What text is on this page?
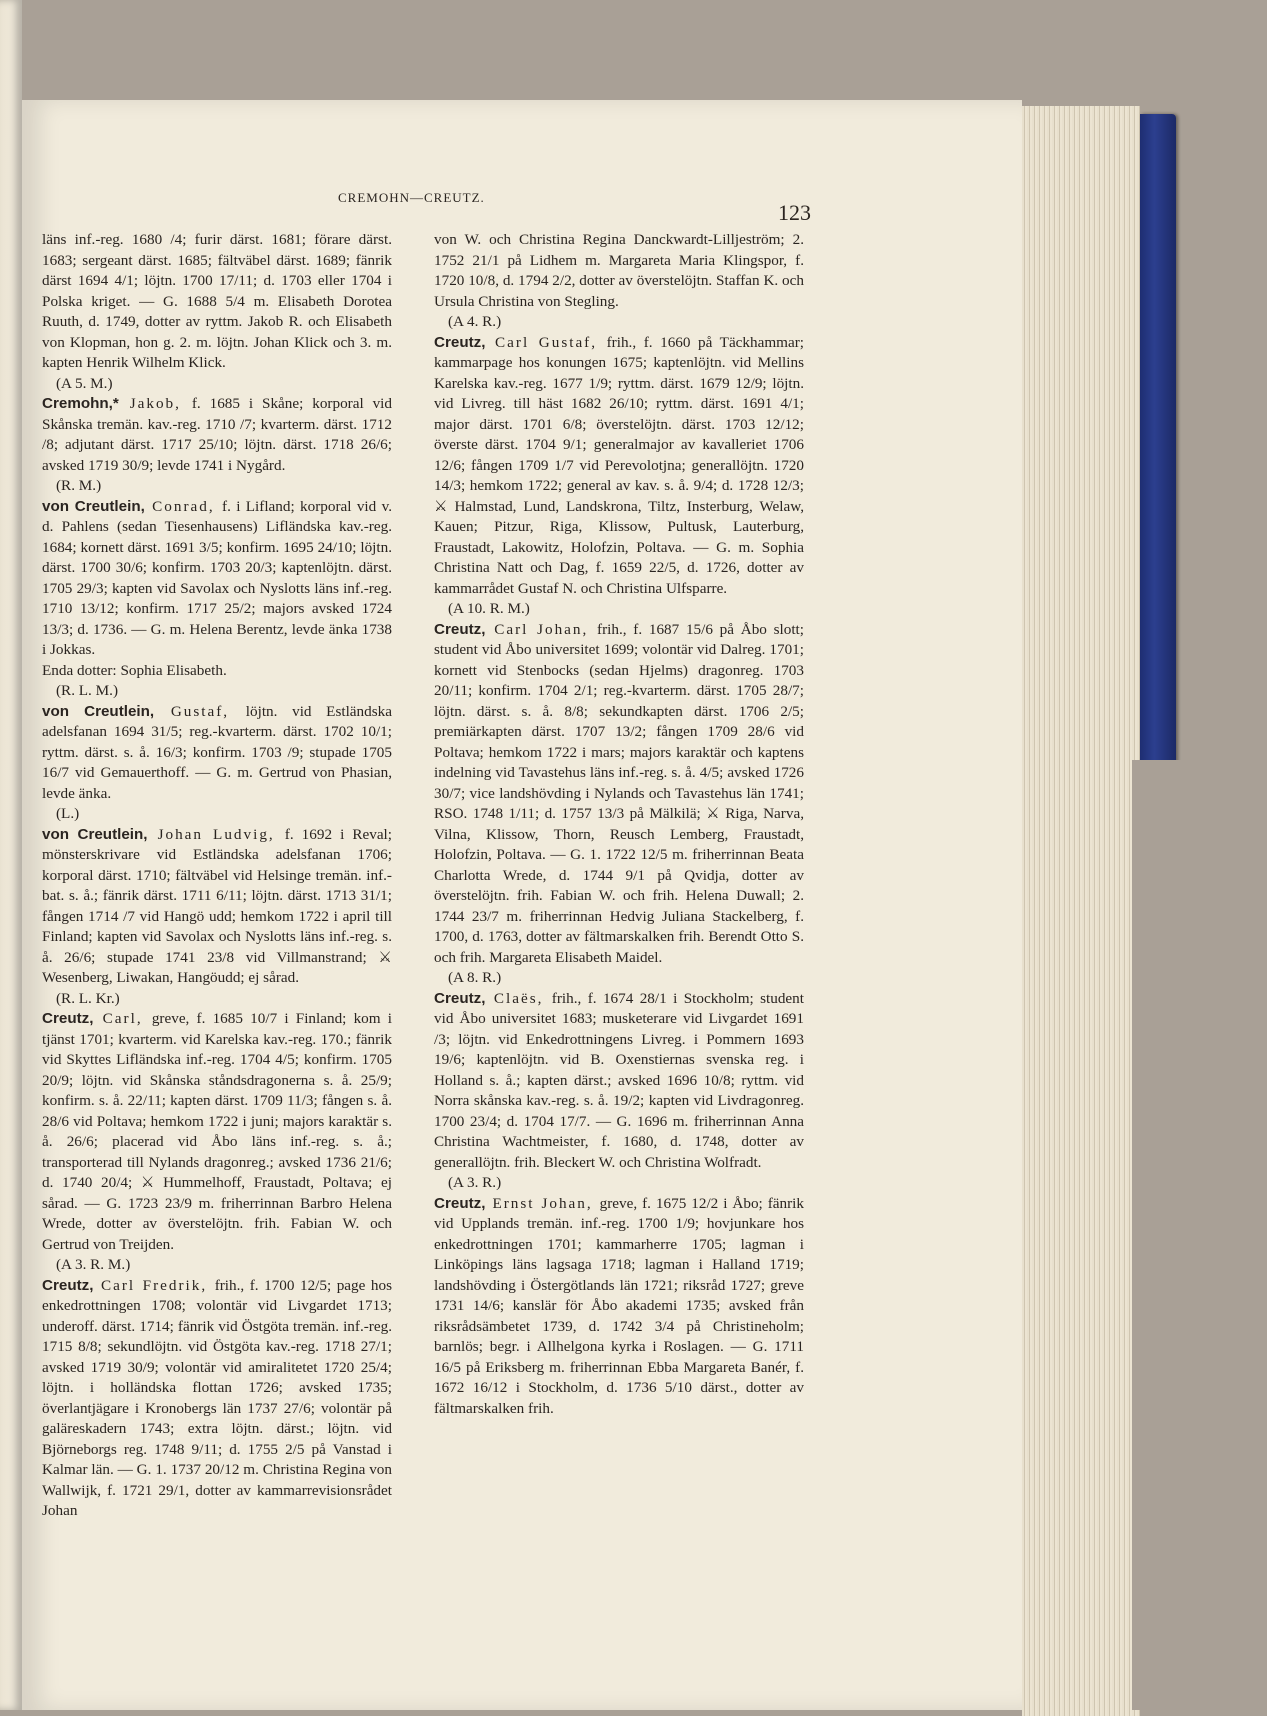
CREMOHN—CREUTZ.
123

läns inf.-reg. 1680 /4; furir därst. 1681; förare därst. 1683; sergeant därst. 1685; fältväbel därst. 1689; fänrik därst 1694 4/1; löjtn. 1700 17/11; d. 1703 eller 1704 i Polska kriget. — G. 1688 5/4 m. Elisabeth Dorotea Ruuth, d. 1749, dotter av ryttm. Jakob R. och Elisabeth von Klopman, hon g. 2. m. löjtn. Johan Klick och 3. m. kapten Henrik Wilhelm Klick.

(A 5. M.)

Cremohn,* Jakob, f. 1685 i Skåne; korporal vid Skånska tremän. kav.-reg. 1710 /7; kvarterm. därst. 1712 /8; adjutant därst. 1717 25/10; löjtn. därst. 1718 26/6; avsked 1719 30/9; levde 1741 i Nygård.

(R. M.)

von Creutlein, Conrad, f. i Lifland; korporal vid v. d. Pahlens (sedan Tiesenhausens) Lifländska kav.-reg. 1684; kornett därst. 1691 3/5; konfirm. 1695 24/10; löjtn. därst. 1700 30/6; konfirm. 1703 20/3; kaptenlöjtn. därst. 1705 29/3; kapten vid Savolax och Nyslotts läns inf.-reg. 1710 13/12; konfirm. 1717 25/2; majors avsked 1724 13/3; d. 1736. — G. m. Helena Berentz, levde änka 1738 i Jokkas.

Enda dotter: Sophia Elisabeth.

(R. L. M.)

von Creutlein, Gustaf, löjtn. vid Estländska adelsfanan 1694 31/5; reg.-kvarterm. därst. 1702 10/1; ryttm. därst. s. å. 16/3; konfirm. 1703 /9; stupade 1705 16/7 vid Gemauerthoff. — G. m. Gertrud von Phasian, levde änka.

(L.)

von Creutlein, Johan Ludvig, f. 1692 i Reval; mönsterskrivare vid Estländska adelsfanan 1706; korporal därst. 1710; fältväbel vid Helsinge tremän. inf.-bat. s. å.; fänrik därst. 1711 6/11; löjtn. därst. 1713 31/1; fången 1714 /7 vid Hangö udd; hemkom 1722 i april till Finland; kapten vid Savolax och Nyslotts läns inf.-reg. s. å. 26/6; stupade 1741 23/8 vid Villmanstrand; ⚔ Wesenberg, Liwakan, Hangöudd; ej sårad.

(R. L. Kr.)

Creutz, Carl, greve, f. 1685 10/7 i Finland; kom i tjänst 1701; kvarterm. vid Karelska kav.-reg. 170.; fänrik vid Skyttes Lifländska inf.-reg. 1704 4/5; konfirm. 1705 20/9; löjtn. vid Skånska ståndsdragonerna s. å. 25/9; konfirm. s. å. 22/11; kapten därst. 1709 11/3; fången s. å. 28/6 vid Poltava; hemkom 1722 i juni; majors karaktär s. å. 26/6; placerad vid Åbo läns inf.-reg. s. å.; transporterad till Nylands dragonreg.; avsked 1736 21/6; d. 1740 20/4; ⚔ Hummelhoff, Fraustadt, Poltava; ej sårad. — G. 1723 23/9 m. friherrinnan Barbro Helena Wrede, dotter av överstelöjtn. frih. Fabian W. och Gertrud von Treijden.

(A 3. R. M.)

Creutz, Carl Fredrik, frih., f. 1700 12/5; page hos enkedrottningen 1708; volontär vid Livgardet 1713; underoff. därst. 1714; fänrik vid Östgöta tremän. inf.-reg. 1715 8/8; sekundlöjtn. vid Östgöta kav.-reg. 1718 27/1; avsked 1719 30/9; volontär vid amiralitetet 1720 25/4; löjtn. i holländska flottan 1726; avsked 1735; överlantjägare i Kronobergs län 1737 27/6; volontär på galäreskadern 1743; extra löjtn. därst.; löjtn. vid Björneborgs reg. 1748 9/11; d. 1755 2/5 på Vanstad i Kalmar län. — G. 1. 1737 20/12 m. Christina Regina von Wallwijk, f. 1721 29/1, dotter av kammarrevisionsrådet Johan

von W. och Christina Regina Danckwardt-Lilljeström; 2. 1752 21/1 på Lidhem m. Margareta Maria Klingspor, f. 1720 10/8, d. 1794 2/2, dotter av överstelöjtn. Staffan K. och Ursula Christina von Stegling.

(A 4. R.)

Creutz, Carl Gustaf, frih., f. 1660 på Täckhammar; kammarpage hos konungen 1675; kaptenlöjtn. vid Mellins Karelska kav.-reg. 1677 1/9; ryttm. därst. 1679 12/9; löjtn. vid Livreg. till häst 1682 26/10; ryttm. därst. 1691 4/1; major därst. 1701 6/8; överstelöjtn. därst. 1703 12/12; överste därst. 1704 9/1; generalmajor av kavalleriet 1706 12/6; fången 1709 1/7 vid Perevolotjna; generallöjtn. 1720 14/3; hemkom 1722; general av kav. s. å. 9/4; d. 1728 12/3; ⚔ Halmstad, Lund, Landskrona, Tiltz, Insterburg, Welaw, Kauen; Pitzur, Riga, Klissow, Pultusk, Lauterburg, Fraustadt, Lakowitz, Holofzin, Poltava. — G. m. Sophia Christina Natt och Dag, f. 1659 22/5, d. 1726, dotter av kammarrådet Gustaf N. och Christina Ulfsparre.

(A 10. R. M.)

Creutz, Carl Johan, frih., f. 1687 15/6 på Åbo slott; student vid Åbo universitet 1699; volontär vid Dalreg. 1701; kornett vid Stenbocks (sedan Hjelms) dragonreg. 1703 20/11; konfirm. 1704 2/1; reg.-kvarterm. därst. 1705 28/7; löjtn. därst. s. å. 8/8; sekundkapten därst. 1706 2/5; premiärkapten därst. 1707 13/2; fången 1709 28/6 vid Poltava; hemkom 1722 i mars; majors karaktär och kaptens indelning vid Tavastehus läns inf.-reg. s. å. 4/5; avsked 1726 30/7; vice landshövding i Nylands och Tavastehus län 1741; RSO. 1748 1/11; d. 1757 13/3 på Mälkilä; ⚔ Riga, Narva, Vilna, Klissow, Thorn, Reusch Lemberg, Fraustadt, Holofzin, Poltava. — G. 1. 1722 12/5 m. friherrinnan Beata Charlotta Wrede, d. 1744 9/1 på Qvidja, dotter av överstelöjtn. frih. Fabian W. och frih. Helena Duwall; 2. 1744 23/7 m. friherrinnan Hedvig Juliana Stackelberg, f. 1700, d. 1763, dotter av fältmarskalken frih. Berendt Otto S. och frih. Margareta Elisabeth Maidel.

(A 8. R.)

Creutz, Claës, frih., f. 1674 28/1 i Stockholm; student vid Åbo universitet 1683; musketerare vid Livgardet 1691 /3; löjtn. vid Enkedrottningens Livreg. i Pommern 1693 19/6; kaptenlöjtn. vid B. Oxenstiernas svenska reg. i Holland s. å.; kapten därst.; avsked 1696 10/8; ryttm. vid Norra skånska kav.-reg. s. å. 19/2; kapten vid Livdragonreg. 1700 23/4; d. 1704 17/7. — G. 1696 m. friherrinnan Anna Christina Wachtmeister, f. 1680, d. 1748, dotter av generallöjtn. frih. Bleckert W. och Christina Wolfradt.

(A 3. R.)

Creutz, Ernst Johan, greve, f. 1675 12/2 i Åbo; fänrik vid Upplands tremän. inf.-reg. 1700 1/9; hovjunkare hos enkedrottningen 1701; kammarherre 1705; lagman i Linköpings läns lagsaga 1718; lagman i Halland 1719; landshövding i Östergötlands län 1721; riksråd 1727; greve 1731 14/6; kanslär för Åbo akademi 1735; avsked från riksrådsämbetet 1739, d. 1742 3/4 på Christineholm; barnlös; begr. i Allhelgona kyrka i Roslagen. — G. 1711 16/5 på Eriksberg m. friherrinnan Ebba Margareta Banér, f. 1672 16/12 i Stockholm, d. 1736 5/10 därst., dotter av fältmarskalken frih.
